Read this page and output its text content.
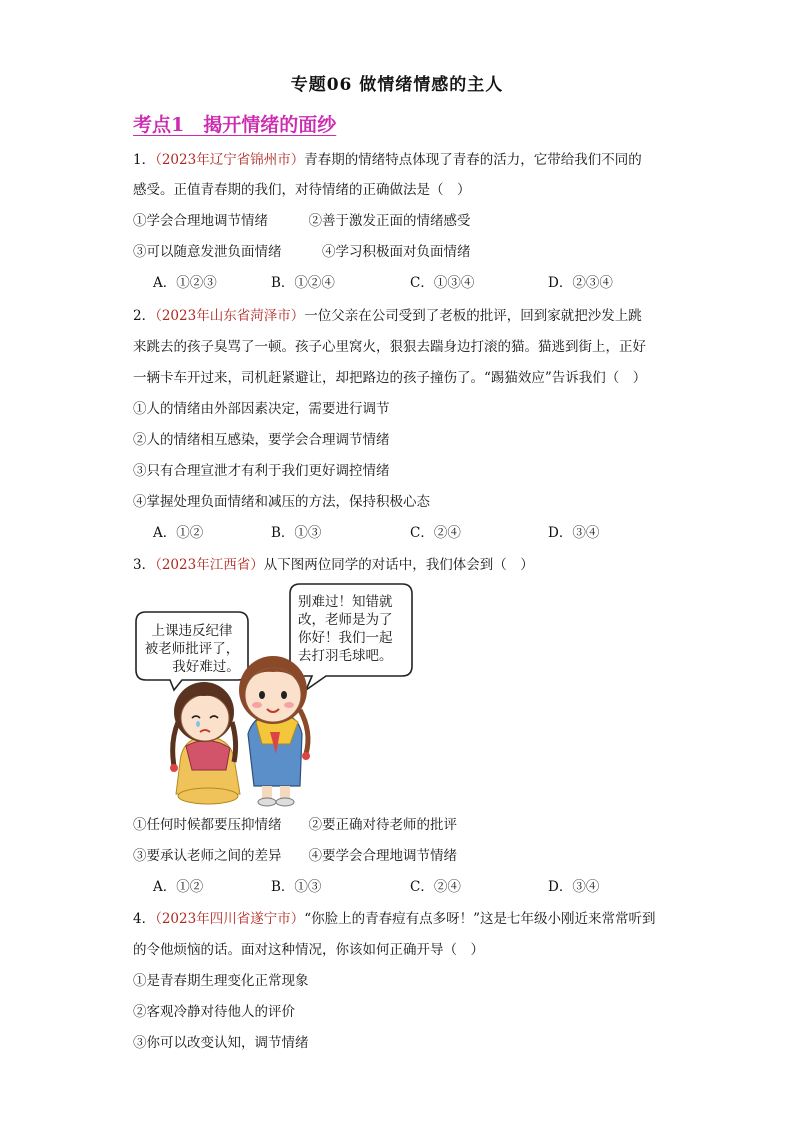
专题06 做情绪情感的主人
考点1　揭开情绪的面纱
1．（2023年辽宁省锦州市）青春期的情绪特点体现了青春的活力，它带给我们不同的
感受。正值青春期的我们，对待情绪的正确做法是（　）
①学会合理地调节情绪　　　②善于激发正面的情绪感受
③可以随意发泄负面情绪　　　④学习积极面对负面情绪
A．①②③	B．①②④	C．①③④	D．②③④
2．（2023年山东省菏泽市）一位父亲在公司受到了老板的批评，回到家就把沙发上跳
来跳去的孩子臭骂了一顿。孩子心里窝火，狠狠去踹身边打滚的猫。猫逃到街上，正好
一辆卡车开过来，司机赶紧避让，却把路边的孩子撞伤了。“踢猫效应”告诉我们（　）
①人的情绪由外部因素决定，需要进行调节
②人的情绪相互感染，要学会合理调节情绪
③只有合理宣泄才有利于我们更好调控情绪
④掌握处理负面情绪和减压的方法，保持积极心态
A．①②	B．①③	C．②④	D．③④
3．（2023年江西省）从下图两位同学的对话中，我们体会到（　）
上课违反纪律
被老师批评了，
我好难过。
别难过！知错就
改，老师是为了
你好！我们一起
去打羽毛球吧。
①任何时候都要压抑情绪　　②要正确对待老师的批评
③要承认老师之间的差异　　④要学会合理地调节情绪
A．①②	B．①③	C．②④	D．③④
4．（2023年四川省遂宁市）“你脸上的青春痘有点多呀！”这是七年级小刚近来常常听到
的令他烦恼的话。面对这种情况，你该如何正确开导（　）
①是青春期生理变化正常现象
②客观冷静对待他人的评价
③你可以改变认知，调节情绪
